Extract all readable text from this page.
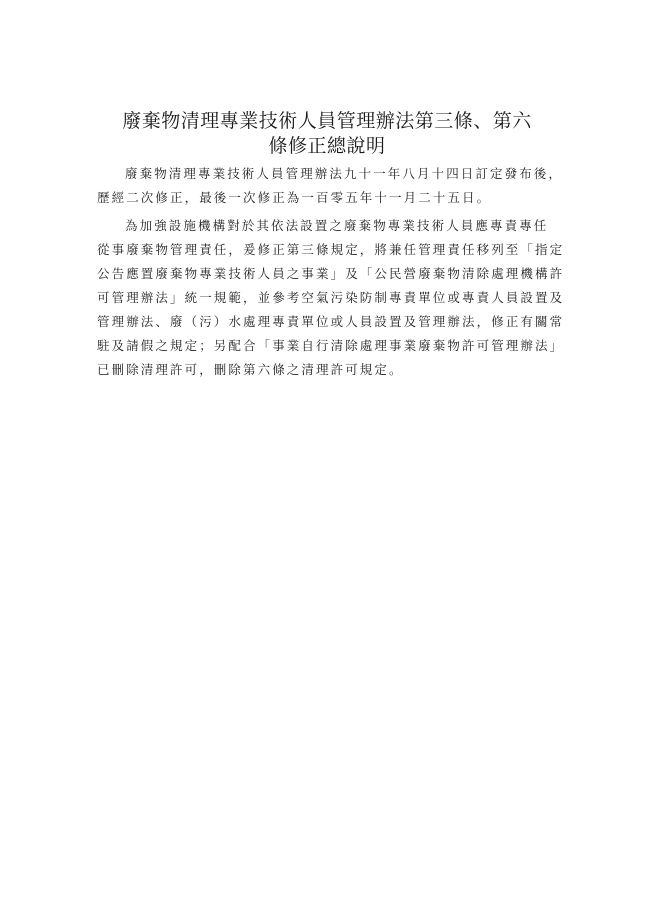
廢棄物清理專業技術人員管理辦法第三條、第六
條修正總說明

廢棄物清理專業技術人員管理辦法九十一年八月十四日訂定發布後，
歷經二次修正，最後一次修正為一百零五年十一月二十五日。

為加強設施機構對於其依法設置之廢棄物專業技術人員應專責專任
從事廢棄物管理責任，爰修正第三條規定，將兼任管理責任移列至「指定
公告應置廢棄物專業技術人員之事業」及「公民營廢棄物清除處理機構許
可管理辦法」統一規範，並參考空氣污染防制專責單位或專責人員設置及
管理辦法、廢（污）水處理專責單位或人員設置及管理辦法，修正有關常
駐及請假之規定；另配合「事業自行清除處理事業廢棄物許可管理辦法」
已刪除清理許可，刪除第六條之清理許可規定。
